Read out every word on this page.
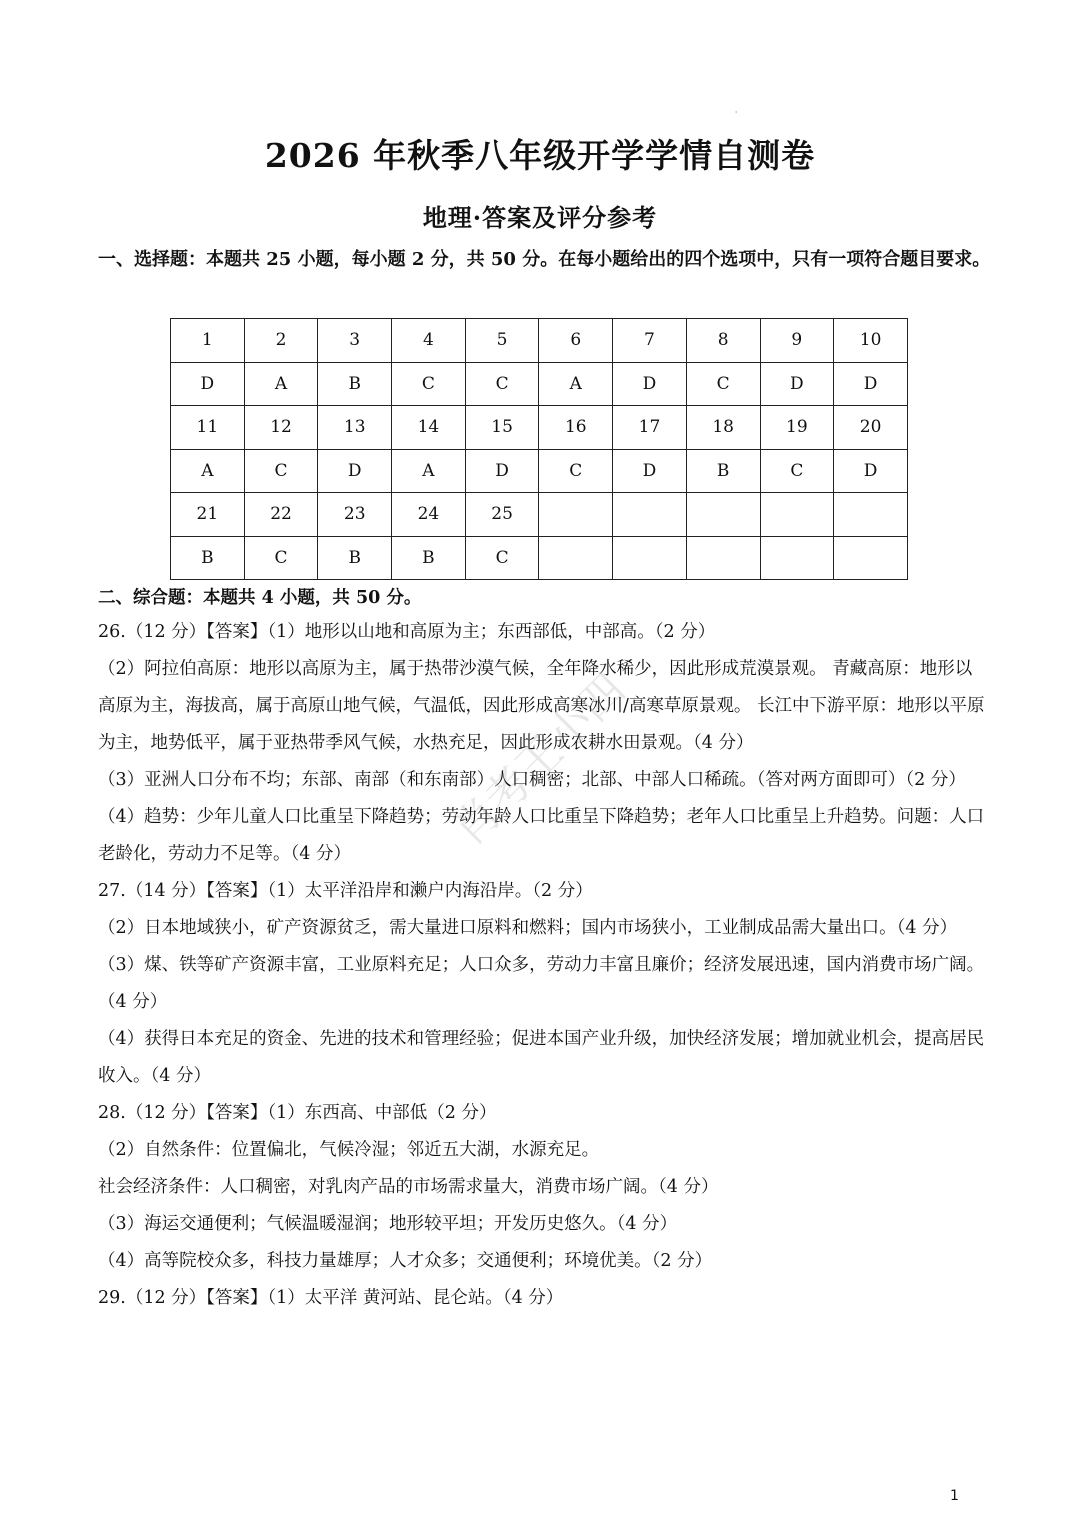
'
2026 年秋季八年级开学学情自测卷
地理·答案及评分参考
一、选择题：本题共 25 小题，每小题 2 分，共 50 分。在每小题给出的四个选项中，只有一项符合题目要求。
1	2	3	4	5	6	7	8	9	10
D	A	B	C	C	A	D	C	D	D
11	12	13	14	15	16	17	18	19	20
A	C	D	A	D	C	D	B	C	D
21	22	23	24	25					
B	C	B	B	C					
二、综合题：本题共 4 小题，共 50 分。

26.（12 分）【答案】（1）地形以山地和高原为主；东西部低，中部高。（2 分）

（2）阿拉伯高原：地形以高原为主，属于热带沙漠气候，全年降水稀少，因此形成荒漠景观。 青藏高原：地形以高原为主，海拔高，属于高原山地气候，气温低，因此形成高寒冰川/高寒草原景观。 长江中下游平原：地形以平原为主，地势低平，属于亚热带季风气候，水热充足，因此形成农耕水田景观。（4 分）

（3）亚洲人口分布不均；东部、南部（和东南部）人口稠密；北部、中部人口稀疏。（答对两方面即可）（2 分）

（4）趋势：少年儿童人口比重呈下降趋势；劳动年龄人口比重呈下降趋势；老年人口比重呈上升趋势。问题：人口老龄化，劳动力不足等。（4 分）

27.（14 分）【答案】（1）太平洋沿岸和濑户内海沿岸。（2 分）

（2）日本地域狭小，矿产资源贫乏，需大量进口原料和燃料；国内市场狭小，工业制成品需大量出口。（4 分）

（3）煤、铁等矿产资源丰富，工业原料充足；人口众多，劳动力丰富且廉价；经济发展迅速，国内消费市场广阔。（4 分）

（4）获得日本充足的资金、先进的技术和管理经验；促进本国产业升级，加快经济发展；增加就业机会，提高居民收入。（4 分）

28.（12 分）【答案】（1）东西高、中部低（2 分）

（2）自然条件：位置偏北，气候冷湿；邻近五大湖，水源充足。

社会经济条件：人口稠密，对乳肉产品的市场需求量大，消费市场广阔。（4 分）

（3）海运交通便利；气候温暖湿润；地形较平坦；开发历史悠久。（4 分）

（4）高等院校众多，科技力量雄厚；人才众多；交通便利；环境优美。（2 分）

29.（12 分）【答案】（1）太平洋 黄河站、昆仑站。（4 分）

肖考王小四
1
